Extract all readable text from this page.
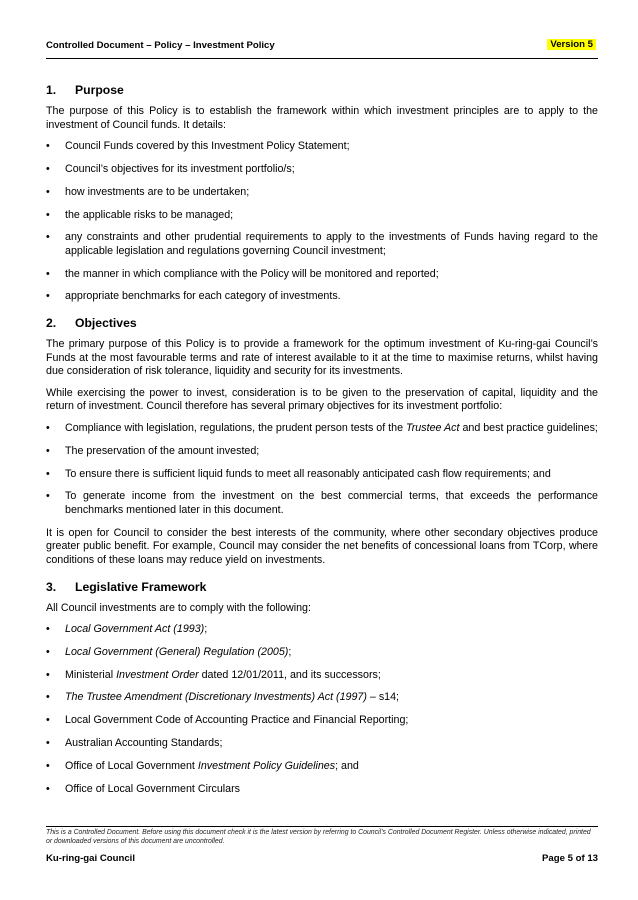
Controlled Document – Policy – Investment Policy	Version 5
1. Purpose

The purpose of this Policy is to establish the framework within which investment principles are to apply to the investment of Council funds. It details:

• Council Funds covered by this Investment Policy Statement;
• Council’s objectives for its investment portfolio/s;
• how investments are to be undertaken;
• the applicable risks to be managed;
• any constraints and other prudential requirements to apply to the investments of Funds having regard to the applicable legislation and regulations governing Council investment;
• the manner in which compliance with the Policy will be monitored and reported;
• appropriate benchmarks for each category of investments.
2. Objectives

The primary purpose of this Policy is to provide a framework for the optimum investment of Ku-ring-gai Council’s Funds at the most favourable terms and rate of interest available to it at the time to maximise returns, whilst having due consideration of risk tolerance, liquidity and security for its investments.

While exercising the power to invest, consideration is to be given to the preservation of capital, liquidity and the return of investment. Council therefore has several primary objectives for its investment portfolio:

• Compliance with legislation, regulations, the prudent person tests of the Trustee Act and best practice guidelines;
• The preservation of the amount invested;
• To ensure there is sufficient liquid funds to meet all reasonably anticipated cash flow requirements; and
• To generate income from the investment on the best commercial terms, that exceeds the performance benchmarks mentioned later in this document.

It is open for Council to consider the best interests of the community, where other secondary objectives produce greater public benefit. For example, Council may consider the net benefits of concessional loans from TCorp, where conditions of these loans may reduce yield on investments.

3. Legislative Framework

All Council investments are to comply with the following:

• Local Government Act (1993);
• Local Government (General) Regulation (2005);
• Ministerial Investment Order dated 12/01/2011, and its successors;
• The Trustee Amendment (Discretionary Investments) Act (1997) – s14;
• Local Government Code of Accounting Practice and Financial Reporting;
• Australian Accounting Standards;
• Office of Local Government Investment Policy Guidelines; and
• Office of Local Government Circulars
This is a Controlled Document. Before using this document check it is the latest version by referring to Council’s Controlled Document Register. Unless otherwise indicated, printed or downloaded versions of this document are uncontrolled.
Ku-ring-gai Council	Page 5 of 13
